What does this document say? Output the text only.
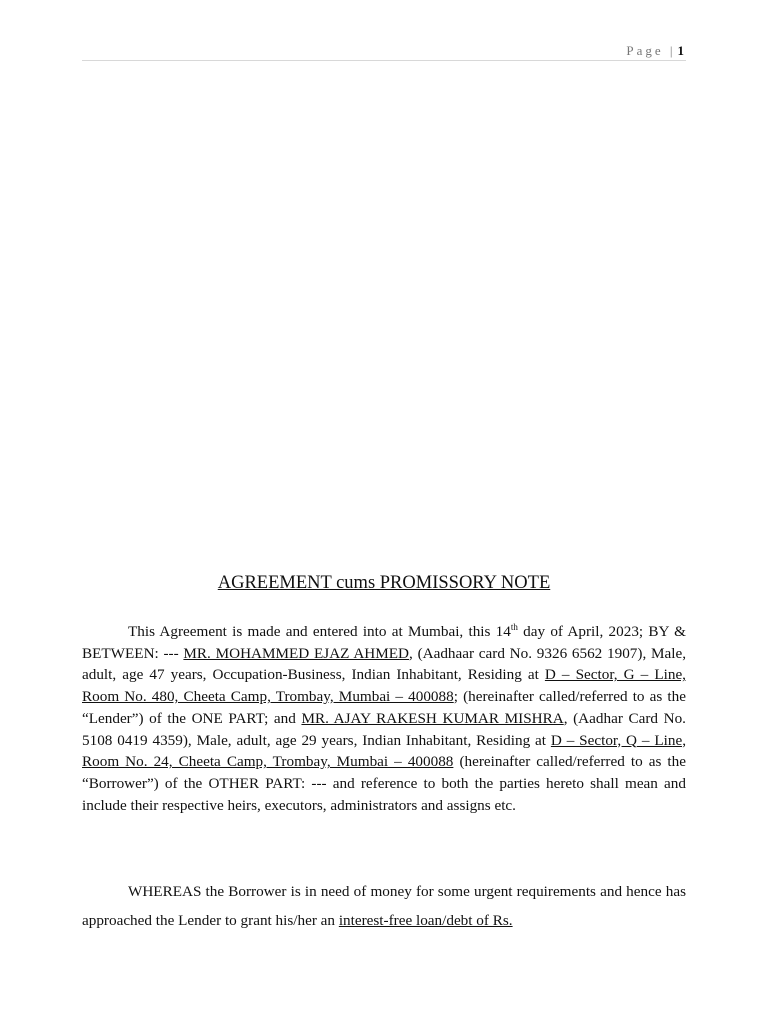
Page | 1
AGREEMENT cums PROMISSORY NOTE

This Agreement is made and entered into at Mumbai, this 14th day of April, 2023; BY & BETWEEN: --- MR. MOHAMMED EJAZ AHMED, (Aadhaar card No. 9326 6562 1907), Male, adult, age 47 years, Occupation-Business, Indian Inhabitant, Residing at D – Sector, G – Line, Room No. 480, Cheeta Camp, Trombay, Mumbai – 400088; (hereinafter called/referred to as the “Lender”) of the ONE PART; and MR. AJAY RAKESH KUMAR MISHRA, (Aadhar Card No. 5108 0419 4359), Male, adult, age 29 years, Indian Inhabitant, Residing at D – Sector, Q – Line, Room No. 24, Cheeta Camp, Trombay, Mumbai – 400088 (hereinafter called/referred to as the “Borrower”) of the OTHER PART: --- and reference to both the parties hereto shall mean and include their respective heirs, executors, administrators and assigns etc.

WHEREAS the Borrower is in need of money for some urgent requirements and hence has approached the Lender to grant his/her an interest-free loan/debt of Rs.
